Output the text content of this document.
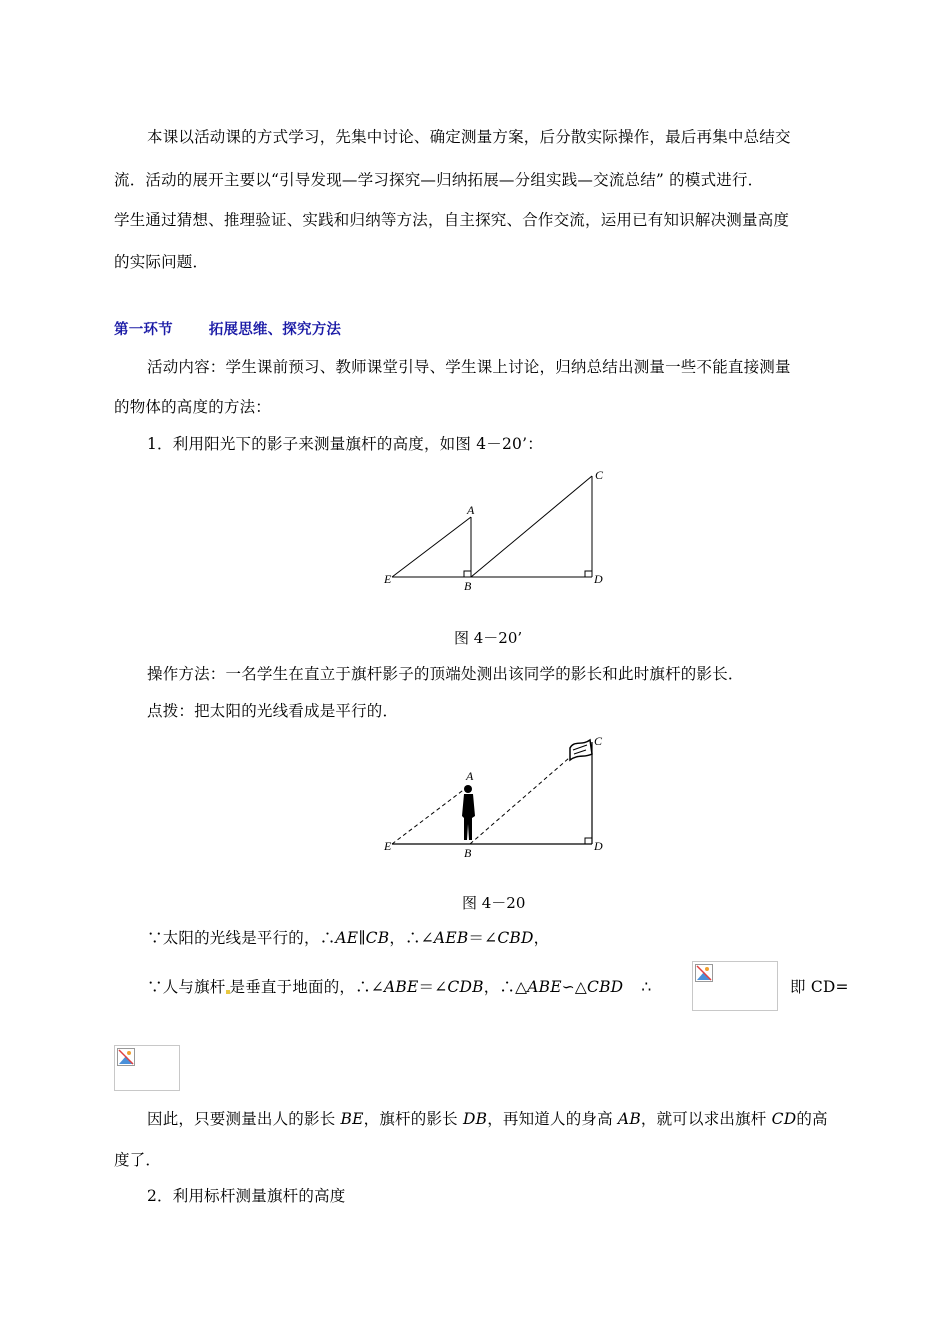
本课以活动课的方式学习，先集中讨论、确定测量方案，后分散实际操作，最后再集中总结交
流．活动的展开主要以“引导发现—学习探究—归纳拓展—分组实践—交流总结” 的模式进行．
学生通过猜想、推理验证、实践和归纳等方法，自主探究、合作交流，运用已有知识解决测量高度
的实际问题．
第一环节 拓展思维、探究方法
活动内容：学生课前预习、教师课堂引导、学生课上讨论，归纳总结出测量一些不能直接测量
的物体的高度的方法：
1．利用阳光下的影子来测量旗杆的高度，如图 4－20’：
A
B
C
D
E
图 4－20’
操作方法：一名学生在直立于旗杆影子的顶端处测出该同学的影长和此时旗杆的影长．
点拨：把太阳的光线看成是平行的．
A
B
C
D
E
图 4－20
∵太阳的光线是平行的，∴AE∥CB，∴∠AEB＝∠CBD，
∵人与旗杆 是垂直于地面的，∴∠ABE＝∠CDB，∴△ABE∽△CBD ∴	即 CD=
因此，只要测量出人的影长 BE，旗杆的影长 DB，再知道人的身高 AB，就可以求出旗杆 CD的高
度了．
2．利用标杆测量旗杆的高度
